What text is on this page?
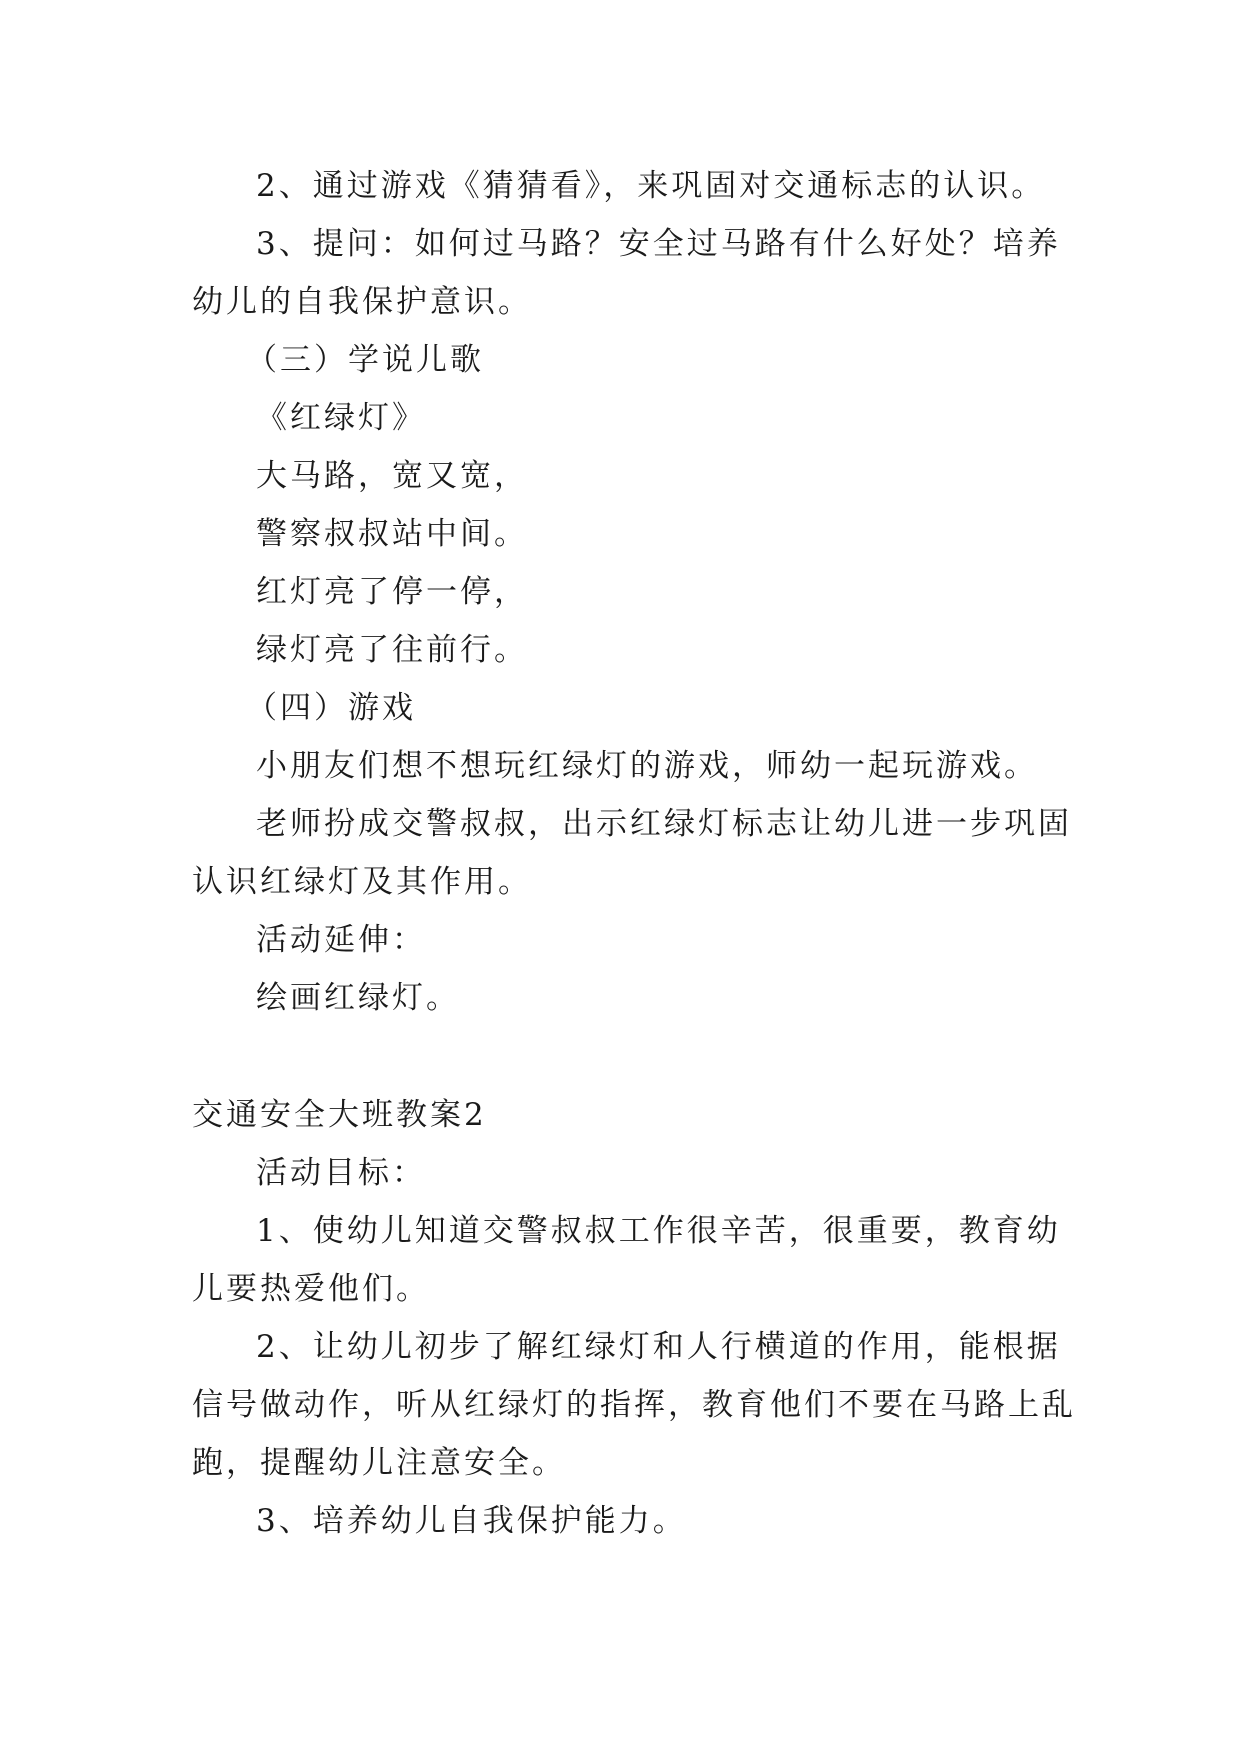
2、通过游戏《猜猜看》，来巩固对交通标志的认识。
3、提问：如何过马路？安全过马路有什么好处？培养
幼儿的自我保护意识。
（三）学说儿歌
《红绿灯》
大马路，宽又宽，
警察叔叔站中间。
红灯亮了停一停，
绿灯亮了往前行。
（四）游戏
小朋友们想不想玩红绿灯的游戏，师幼一起玩游戏。
老师扮成交警叔叔，出示红绿灯标志让幼儿进一步巩固
认识红绿灯及其作用。
活动延伸：
绘画红绿灯。
交通安全大班教案2
活动目标：
1、使幼儿知道交警叔叔工作很辛苦，很重要，教育幼
儿要热爱他们。
2、让幼儿初步了解红绿灯和人行横道的作用，能根据
信号做动作，听从红绿灯的指挥，教育他们不要在马路上乱
跑，提醒幼儿注意安全。
3、培养幼儿自我保护能力。
